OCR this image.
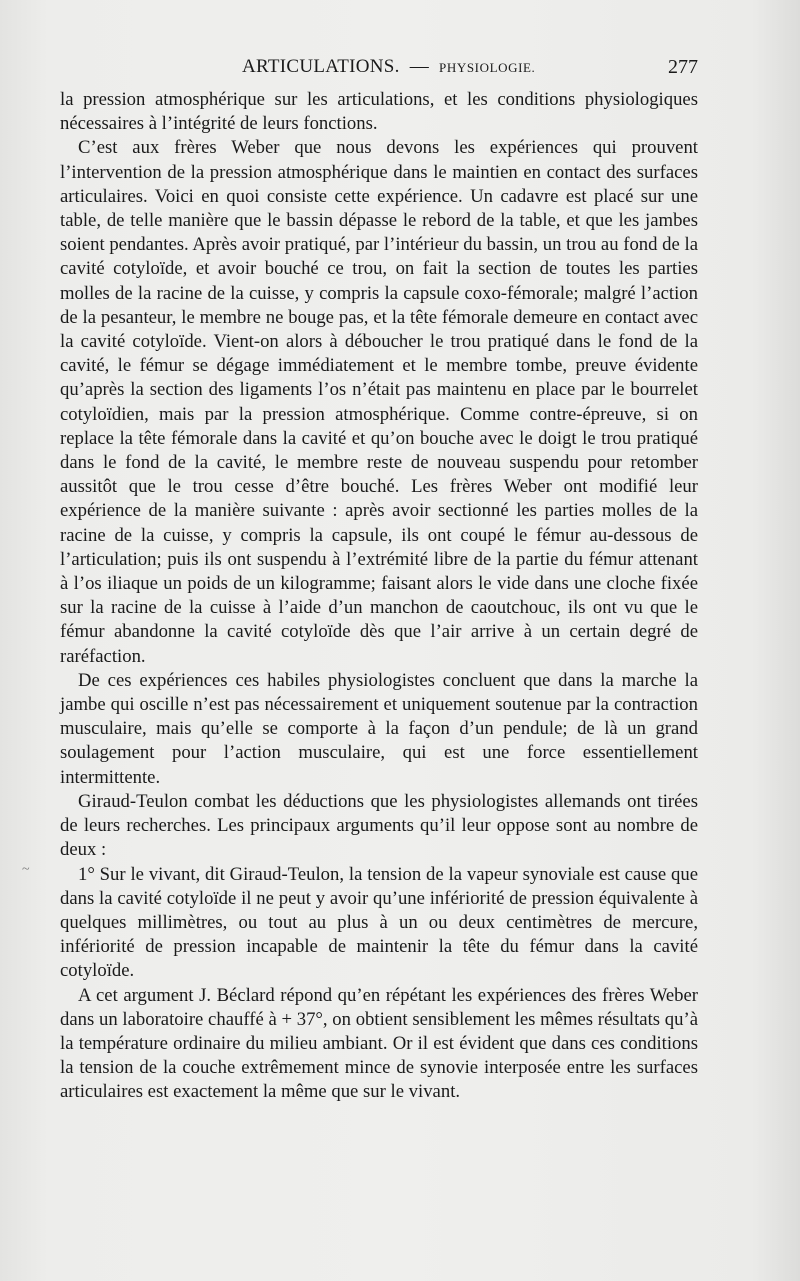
ARTICULATIONS. — PHYSIOLOGIE.	277

la pression atmosphérique sur les articulations, et les conditions physiologiques nécessaires à l’intégrité de leurs fonctions.

C’est aux frères Weber que nous devons les expériences qui prouvent l’intervention de la pression atmosphérique dans le maintien en contact des surfaces articulaires. Voici en quoi consiste cette expérience. Un cadavre est placé sur une table, de telle manière que le bassin dépasse le rebord de la table, et que les jambes soient pendantes. Après avoir pratiqué, par l’intérieur du bassin, un trou au fond de la cavité cotyloïde, et avoir bouché ce trou, on fait la section de toutes les parties molles de la racine de la cuisse, y compris la capsule coxo-fémorale; malgré l’action de la pesanteur, le membre ne bouge pas, et la tête fémorale demeure en contact avec la cavité cotyloïde. Vient-on alors à déboucher le trou pratiqué dans le fond de la cavité, le fémur se dégage immédiatement et le membre tombe, preuve évidente qu’après la section des ligaments l’os n’était pas maintenu en place par le bourrelet cotyloïdien, mais par la pression atmosphérique. Comme contre-épreuve, si on replace la tête fémorale dans la cavité et qu’on bouche avec le doigt le trou pratiqué dans le fond de la cavité, le membre reste de nouveau suspendu pour retomber aussitôt que le trou cesse d’être bouché. Les frères Weber ont modifié leur expérience de la manière suivante : après avoir sectionné les parties molles de la racine de la cuisse, y compris la capsule, ils ont coupé le fémur au-dessous de l’articulation; puis ils ont suspendu à l’extrémité libre de la partie du fémur attenant à l’os iliaque un poids de un kilogramme; faisant alors le vide dans une cloche fixée sur la racine de la cuisse à l’aide d’un manchon de caoutchouc, ils ont vu que le fémur abandonne la cavité cotyloïde dès que l’air arrive à un certain degré de raréfaction.

De ces expériences ces habiles physiologistes concluent que dans la marche la jambe qui oscille n’est pas nécessairement et uniquement soutenue par la contraction musculaire, mais qu’elle se comporte à la façon d’un pendule; de là un grand soulagement pour l’action musculaire, qui est une force essentiellement intermittente.

Giraud-Teulon combat les déductions que les physiologistes allemands ont tirées de leurs recherches. Les principaux arguments qu’il leur oppose sont au nombre de deux :

1° Sur le vivant, dit Giraud-Teulon, la tension de la vapeur synoviale est cause que dans la cavité cotyloïde il ne peut y avoir qu’une infériorité de pression équivalente à quelques millimètres, ou tout au plus à un ou deux centimètres de mercure, infériorité de pression incapable de maintenir la tête du fémur dans la cavité cotyloïde.

A cet argument J. Béclard répond qu’en répétant les expériences des frères Weber dans un laboratoire chauffé à + 37°, on obtient sensiblement les mêmes résultats qu’à la température ordinaire du milieu ambiant. Or il est évident que dans ces conditions la tension de la couche extrêmement mince de synovie interposée entre les surfaces articulaires est exactement la même que sur le vivant.

~
